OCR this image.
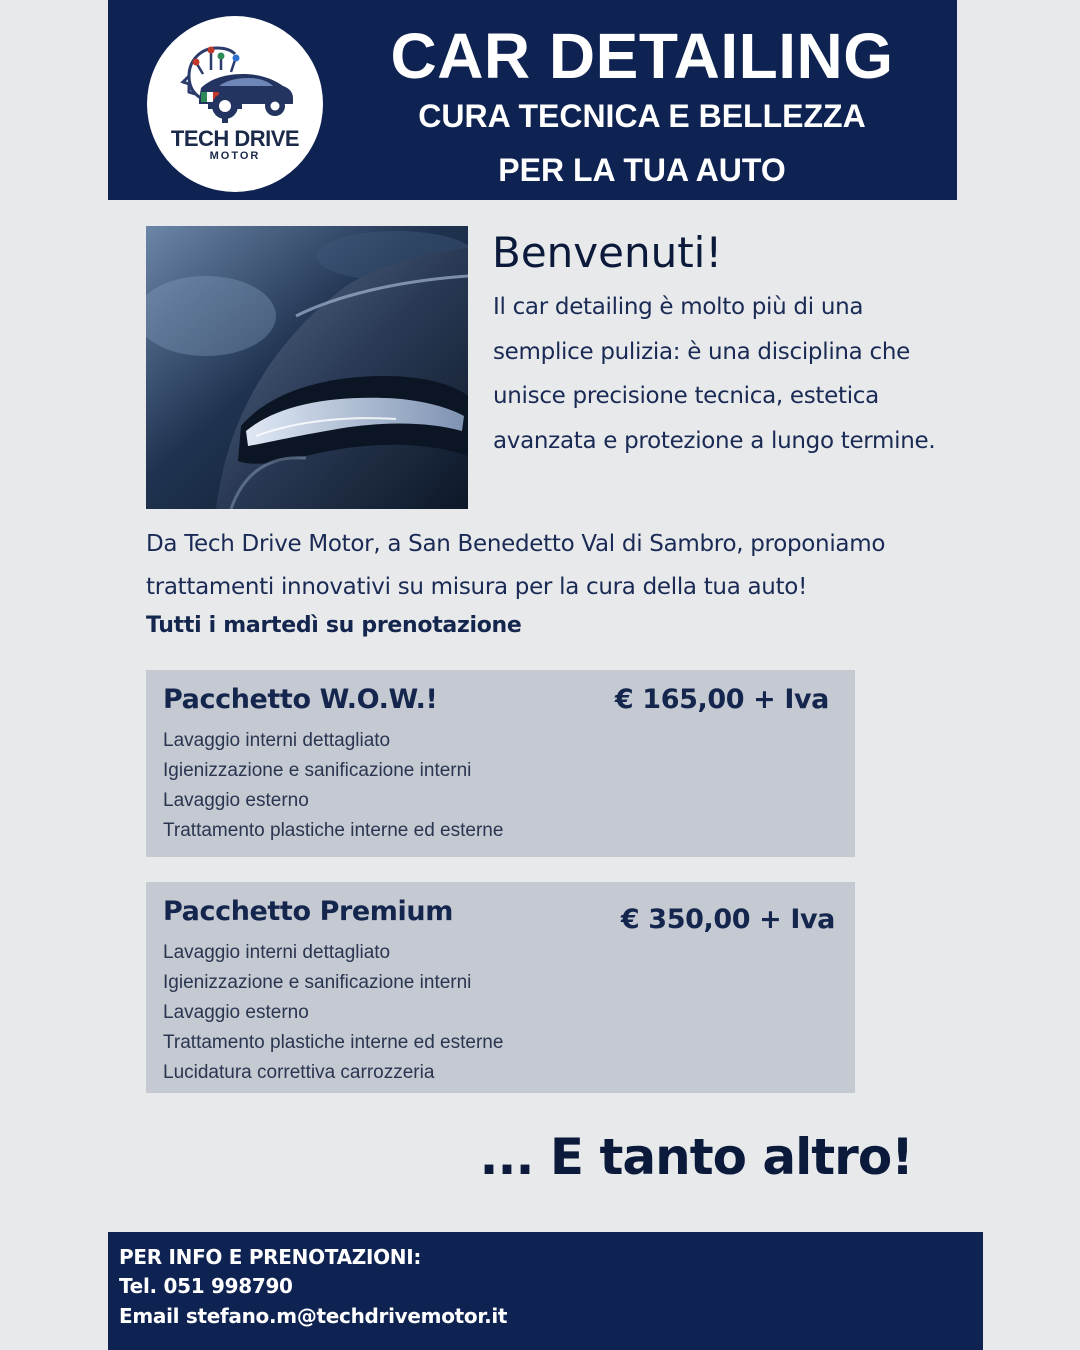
TECH DRIVE
MOTOR
CAR DETAILING
CURA TECNICA E BELLEZZA
PER LA TUA AUTO
Benvenuti!
Il car detailing è molto più di una semplice pulizia: è una disciplina che unisce precisione tecnica, estetica avanzata e protezione a lungo termine.
Da Tech Drive Motor, a San Benedetto Val di Sambro, proponiamo trattamenti innovativi su misura per la cura della tua auto!
Tutti i martedì su prenotazione
Pacchetto W.O.W.!	€ 165,00 + Iva
Lavaggio interni dettagliato
Igienizzazione e sanificazione interni
Lavaggio esterno
Trattamento plastiche interne ed esterne
Pacchetto Premium	€ 350,00 + Iva
Lavaggio interni dettagliato
Igienizzazione e sanificazione interni
Lavaggio esterno
Trattamento plastiche interne ed esterne
Lucidatura correttiva carrozzeria
... E tanto altro!
PER INFO E PRENOTAZIONI:
Tel. 051 998790
Email stefano.m@techdrivemotor.it
